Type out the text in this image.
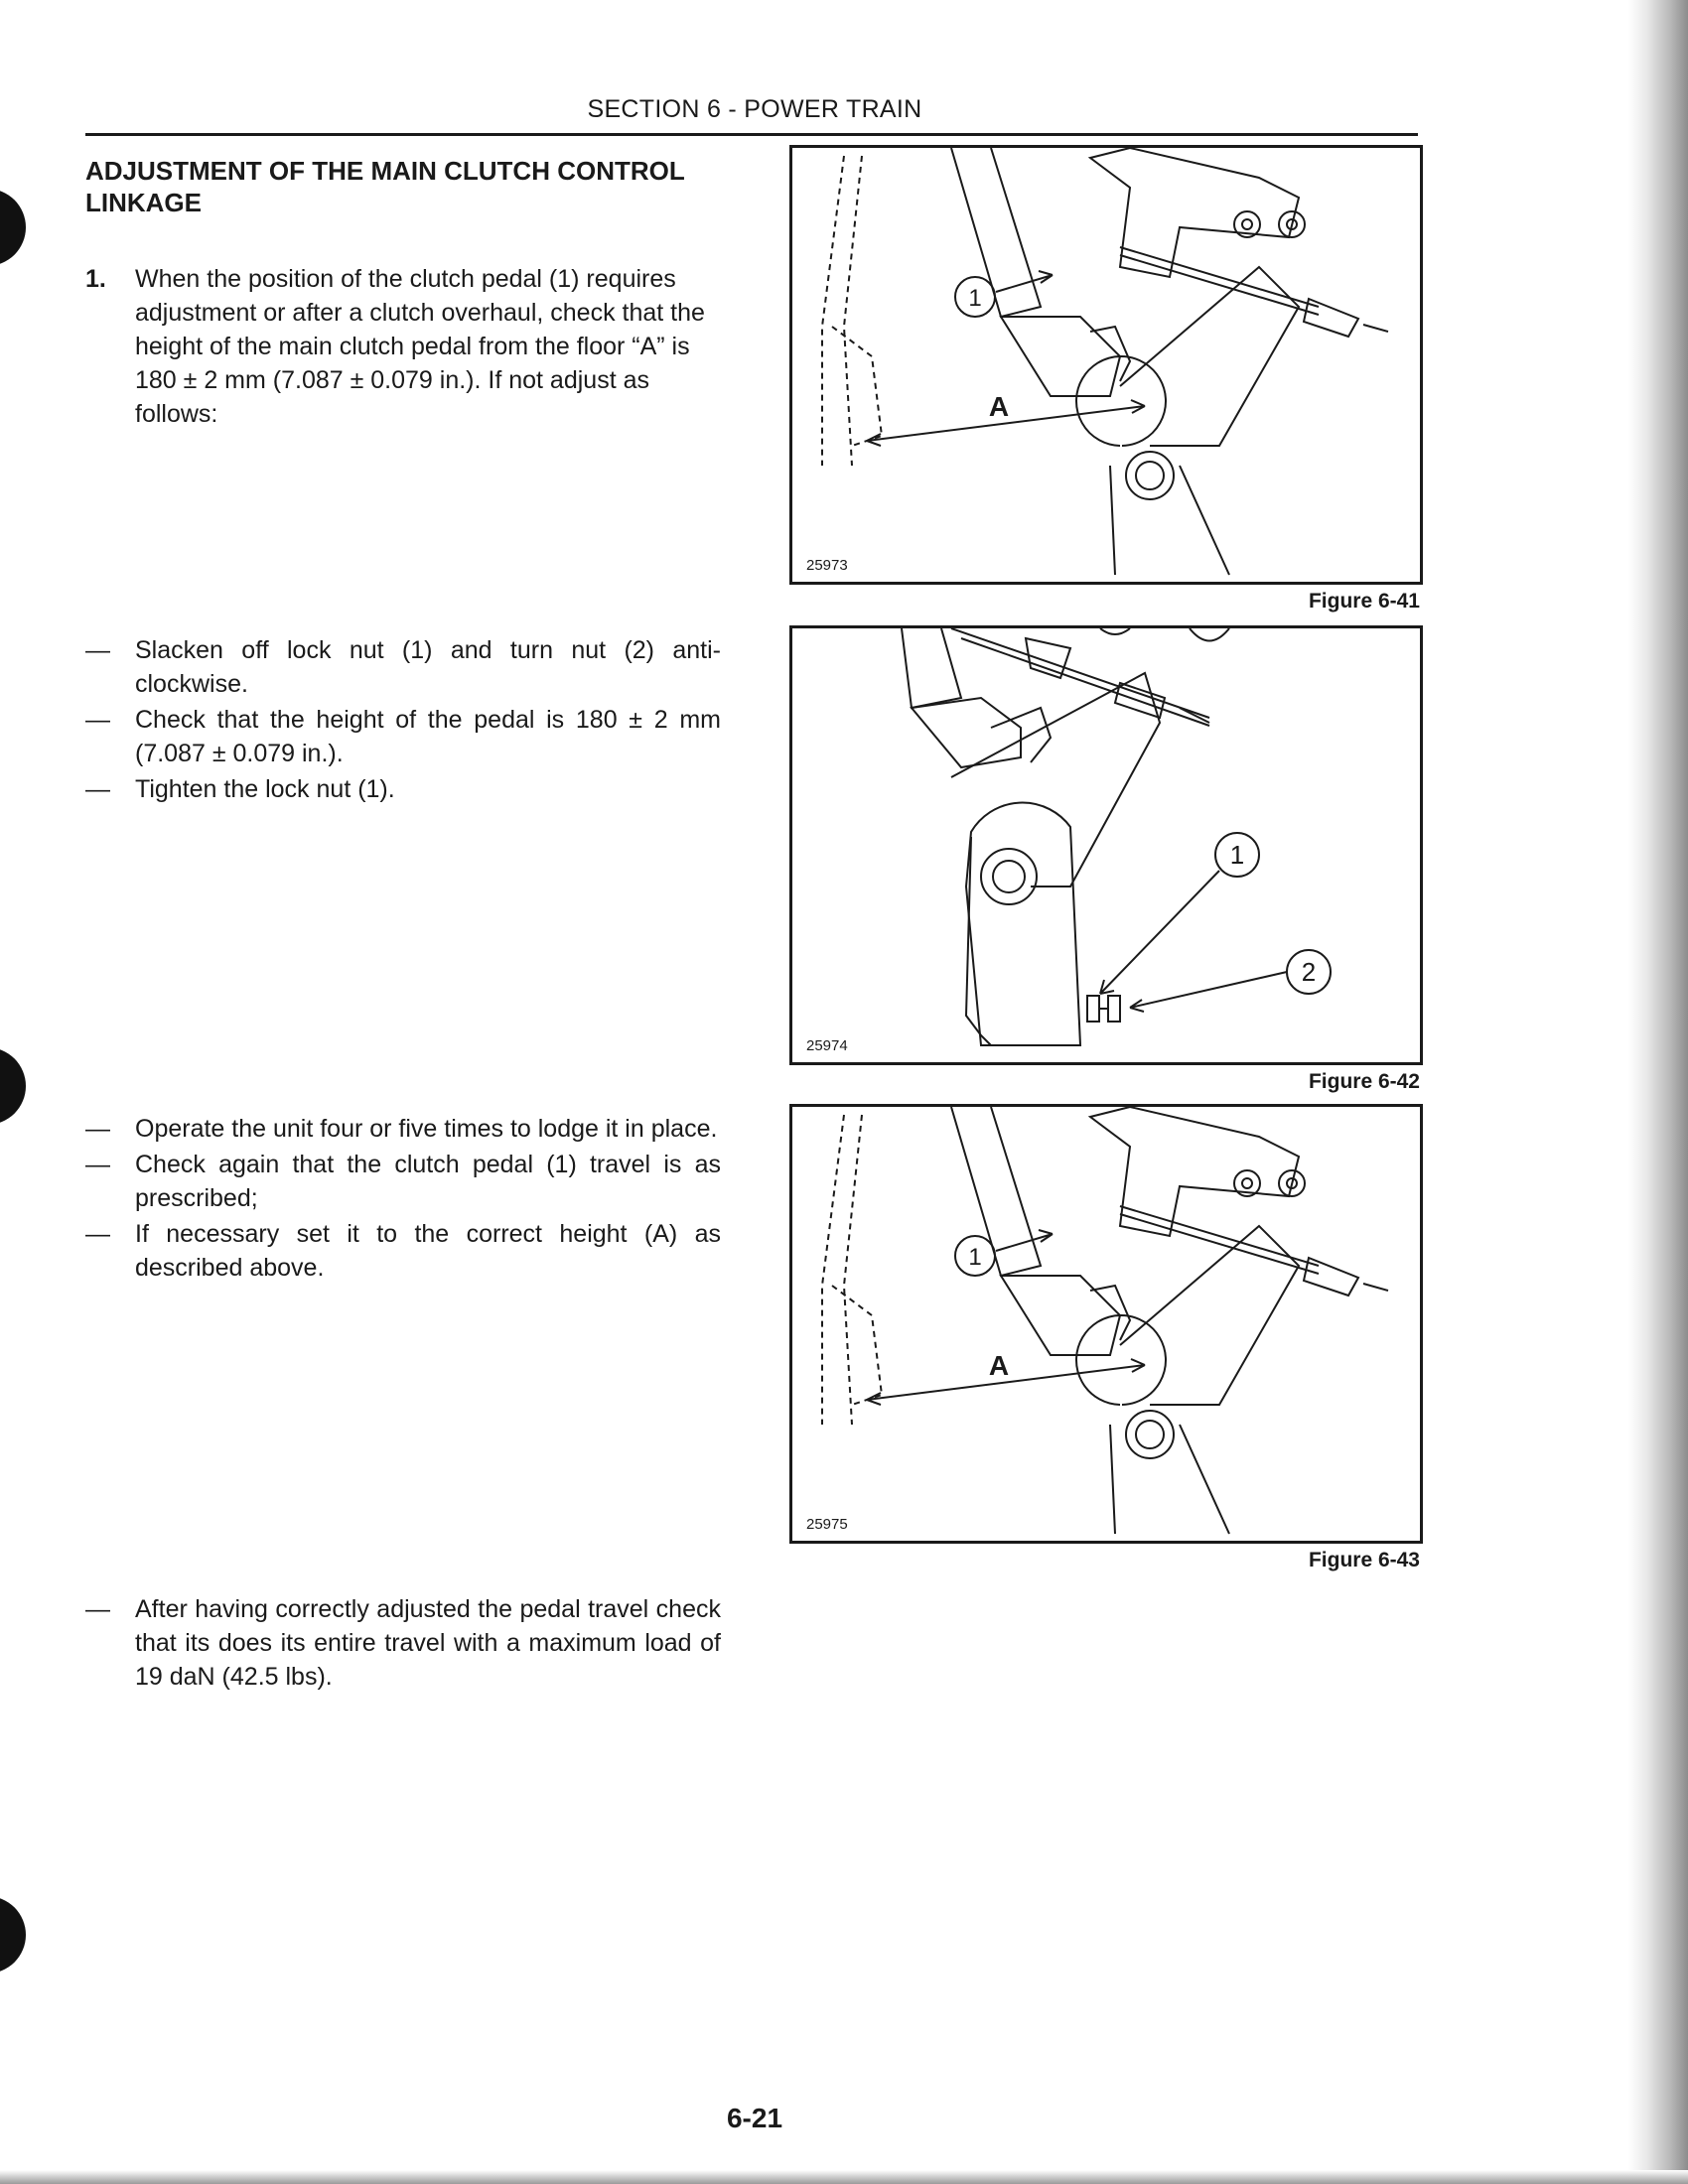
SECTION 6 - POWER TRAIN
ADJUSTMENT OF THE MAIN CLUTCH CONTROL LINKAGE
1. When the position of the clutch pedal (1) requires adjustment or after a clutch overhaul, check that the height of the main clutch pedal from the floor “A” is 180 ± 2 mm (7.087 ± 0.079 in.). If not adjust as follows:
— Slacken off lock nut (1) and turn nut (2) anti-clockwise.
— Check that the height of the pedal is 180 ± 2 mm (7.087 ± 0.079 in.).
— Tighten the lock nut (1).
— Operate the unit four or five times to lodge it in place.
— Check again that the clutch pedal (1) travel is as prescribed;
— If necessary set it to the correct height (A) as described above.
— After having correctly adjusted the pedal travel check that its does its entire travel with a maximum load of 19 daN (42.5 lbs).
1
A
25973
Figure 6-41
1
2
25974
Figure 6-42
1
A
25975
Figure 6-43
6-21
